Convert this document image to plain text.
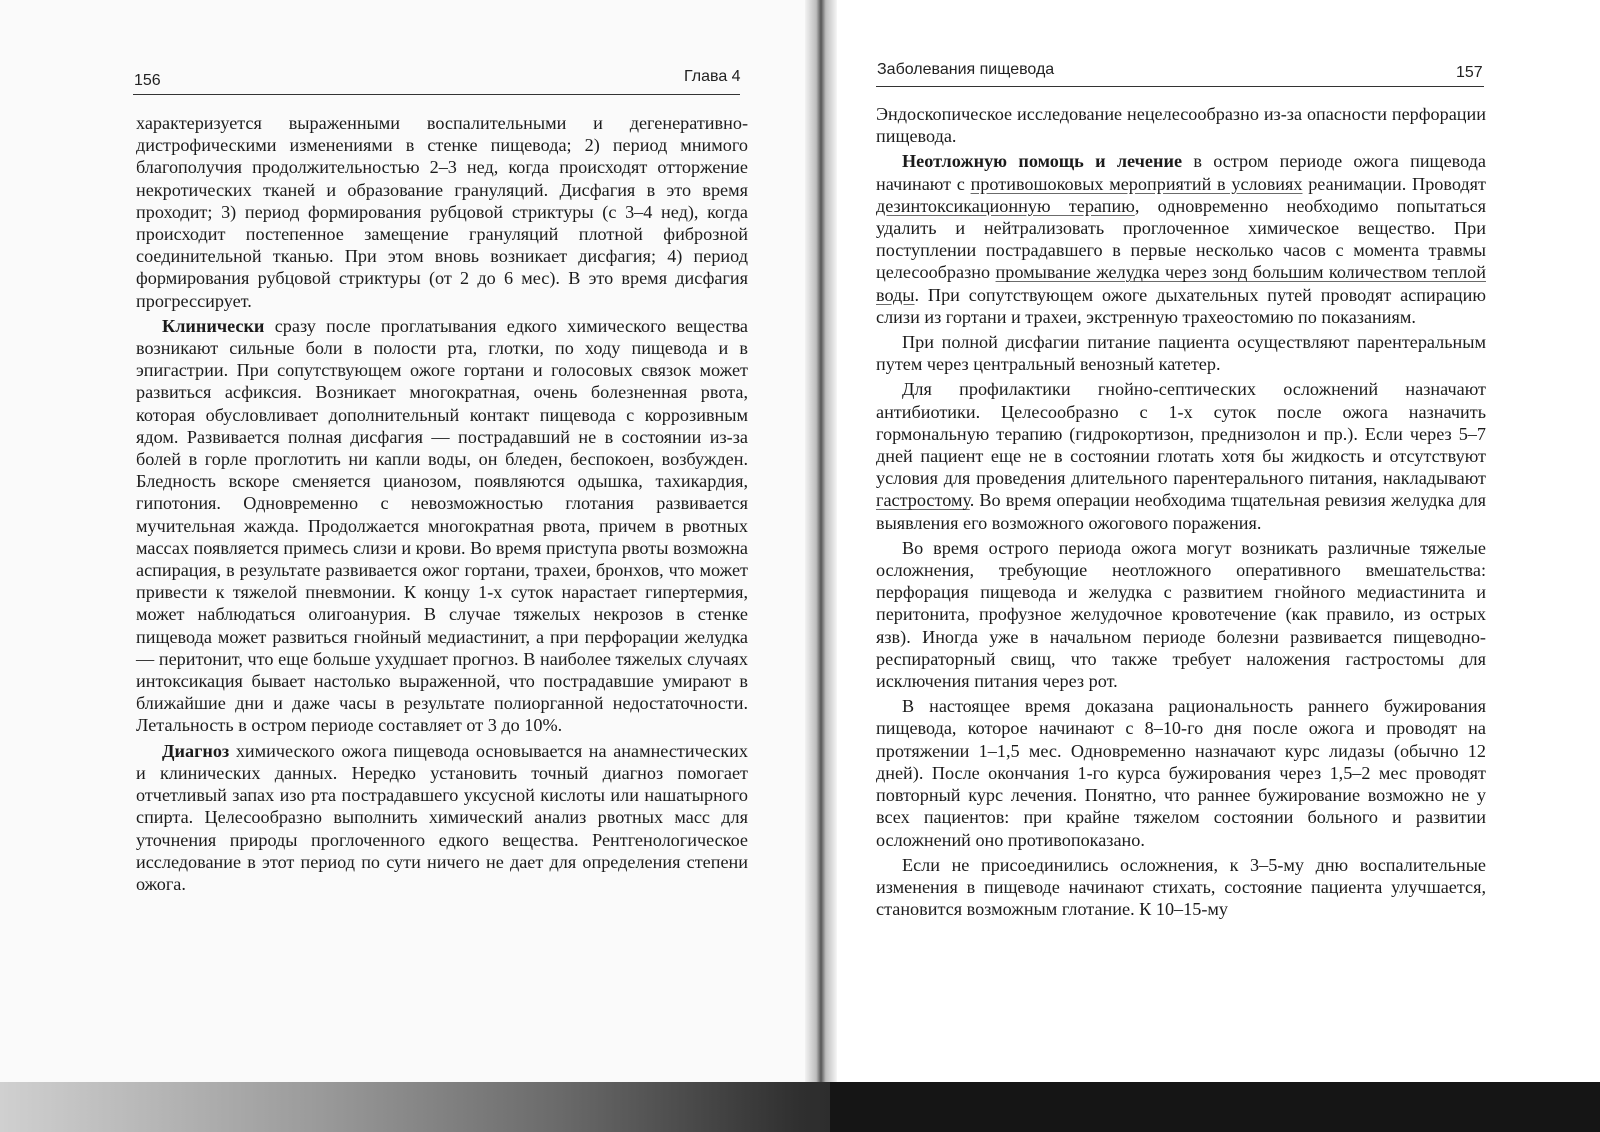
156	Глава 4

характеризуется выраженными воспалительными и дегенеративно-дистрофическими изменениями в стенке пищевода; 2) период мнимого благополучия продолжительностью 2–3 нед, когда происходят отторжение некротических тканей и образование грануляций. Дисфагия в это время проходит; 3) период формирования рубцовой стриктуры (с 3–4 нед), когда происходит постепенное замещение грануляций плотной фиброзной соединительной тканью. При этом вновь возникает дисфагия; 4) период формирования рубцовой стриктуры (от 2 до 6 мес). В это время дисфагия прогрессирует.

Клинически сразу после проглатывания едкого химического вещества возникают сильные боли в полости рта, глотки, по ходу пищевода и в эпигастрии. При сопутствующем ожоге гортани и голосовых связок может развиться асфиксия. Возникает многократная, очень болезненная рвота, которая обусловливает дополнительный контакт пищевода с коррозивным ядом. Развивается полная дисфагия — пострадавший не в состоянии из-за болей в горле проглотить ни капли воды, он бледен, беспокоен, возбужден. Бледность вскоре сменяется цианозом, появляются одышка, тахикардия, гипотония. Одновременно с невозможностью глотания развивается мучительная жажда. Продолжается многократная рвота, причем в рвотных массах появляется примесь слизи и крови. Во время приступа рвоты возможна аспирация, в результате развивается ожог гортани, трахеи, бронхов, что может привести к тяжелой пневмонии. К концу 1-х суток нарастает гипертермия, может наблюдаться олигоанурия. В случае тяжелых некрозов в стенке пищевода может развиться гнойный медиастинит, а при перфорации желудка — перитонит, что еще больше ухудшает прогноз. В наиболее тяжелых случаях интоксикация бывает настолько выраженной, что пострадавшие умирают в ближайшие дни и даже часы в результате полиорганной недостаточности. Летальность в остром периоде составляет от 3 до 10%.

Диагноз химического ожога пищевода основывается на анамнестических и клинических данных. Нередко установить точный диагноз помогает отчетливый запах изо рта пострадавшего уксусной кислоты или нашатырного спирта. Целесообразно выполнить химический анализ рвотных масс для уточнения природы проглоченного едкого вещества. Рентгенологическое исследование в этот период по сути ничего не дает для определения степени ожога.

Заболевания пищевода	157

Эндоскопическое исследование нецелесообразно из-за опасности перфорации пищевода.

Неотложную помощь и лечение в остром периоде ожога пищевода начинают с противошоковых мероприятий в условиях реанимации. Проводят дезинтоксикационную терапию, одновременно необходимо попытаться удалить и нейтрализовать проглоченное химическое вещество. При поступлении пострадавшего в первые несколько часов с момента травмы целесообразно промывание желудка через зонд большим количеством теплой воды. При сопутствующем ожоге дыхательных путей проводят аспирацию слизи из гортани и трахеи, экстренную трахеостомию по показаниям.

При полной дисфагии питание пациента осуществляют парентеральным путем через центральный венозный катетер.

Для профилактики гнойно-септических осложнений назначают антибиотики. Целесообразно с 1-х суток после ожога назначить гормональную терапию (гидрокортизон, преднизолон и пр.). Если через 5–7 дней пациент еще не в состоянии глотать хотя бы жидкость и отсутствуют условия для проведения длительного парентерального питания, накладывают гастростому. Во время операции необходима тщательная ревизия желудка для выявления его возможного ожогового поражения.

Во время острого периода ожога могут возникать различные тяжелые осложнения, требующие неотложного оперативного вмешательства: перфорация пищевода и желудка с развитием гнойного медиастинита и перитонита, профузное желудочное кровотечение (как правило, из острых язв). Иногда уже в начальном периоде болезни развивается пищеводно-респираторный свищ, что также требует наложения гастростомы для исключения питания через рот.

В настоящее время доказана рациональность раннего бужирования пищевода, которое начинают с 8–10-го дня после ожога и проводят на протяжении 1–1,5 мес. Одновременно назначают курс лидазы (обычно 12 дней). После окончания 1-го курса бужирования через 1,5–2 мес проводят повторный курс лечения. Понятно, что раннее бужирование возможно не у всех пациентов: при крайне тяжелом состоянии больного и развитии осложнений оно противопоказано.

Если не присоединились осложнения, к 3–5-му дню воспалительные изменения в пищеводе начинают стихать, состояние пациента улучшается, становится возможным глотание. К 10–15-му
